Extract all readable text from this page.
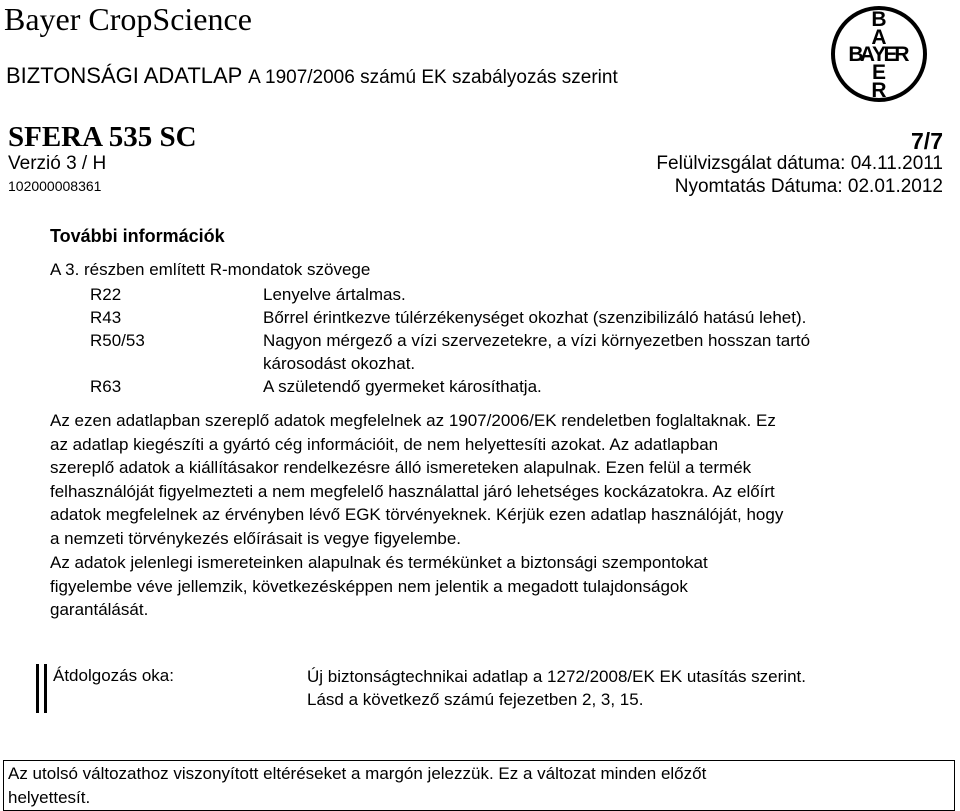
Bayer CropScience
BIZTONSÁGI ADATLAP A 1907/2006 számú EK szabályozás szerint
B
A
B
A
Y
E
R
E
R
SFERA 535 SC	7/7
Verzió 3 / H	Felülvizsgálat dátuma: 04.11.2011
102000008361	Nyomtatás Dátuma: 02.01.2012
További információk
A 3. részben említett R-mondatok szövege
R22	Lenyelve ártalmas.
R43	Bőrrel érintkezve túlérzékenységet okozhat (szenzibilizáló hatású lehet).
R50/53	Nagyon mérgező a vízi szervezetekre, a vízi környezetben hosszan tartó
károsodást okozhat.
R63	A születendő gyermeket károsíthatja.

Az ezen adatlapban szereplő adatok megfelelnek az 1907/2006/EK rendeletben foglaltaknak. Ez

az adatlap kiegészíti a gyártó cég információit, de nem helyettesíti azokat. Az adatlapban

szereplő adatok a kiállításakor rendelkezésre álló ismereteken alapulnak. Ezen felül a termék

felhasználóját figyelmezteti a nem megfelelő használattal járó lehetséges kockázatokra. Az előírt

adatok megfelelnek az érvényben lévő EGK törvényeknek. Kérjük ezen adatlap használóját, hogy

a nemzeti törvénykezés előírásait is vegye figyelembe.

Az adatok jelenlegi ismereteinken alapulnak és termékünket a biztonsági szempontokat

figyelembe véve jellemzik, következésképpen nem jelentik a megadott tulajdonságok

garantálását.

Átdolgozás oka:	Új biztonságtechnikai adatlap a 1272/2008/EK EK utasítás szerint.

Lásd a következő számú fejezetben 2, 3, 15.

Az utolsó változathoz viszonyított eltéréseket a margón jelezzük. Ez a változat minden előzőt

helyettesít.
